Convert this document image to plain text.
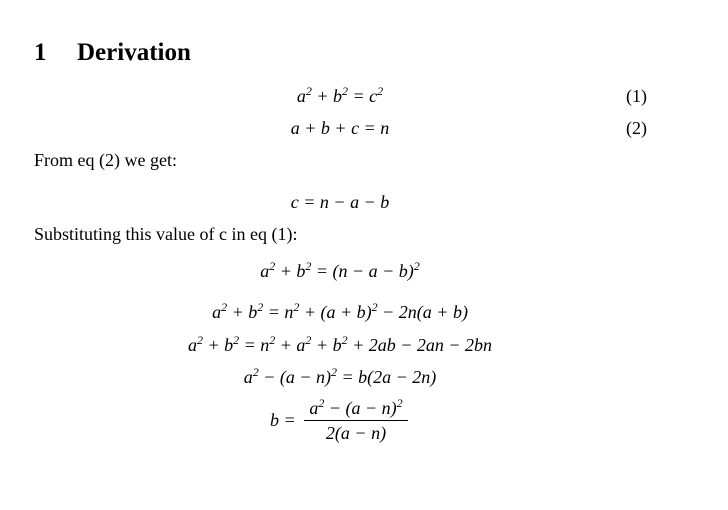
1 Derivation
$a^2 + b^2 = c^2$	(1)
a + b + c = n	(2)
From eq (2) we get:
c = n − a − b
Substituting this value of c in eq (1):
$a^2 + b^2 = (n - a - b)^2$
$a^2 + b^2 = n^2 + (a + b)^2 - 2n(a + b)$
$a^2 + b^2 = n^2 + a^2 + b^2 + 2ab - 2an - 2bn$
$a^2 - (a - n)^2 = b(2a - 2n)$
b =
$a^2 - (a - n)^2$
2(a − n)
